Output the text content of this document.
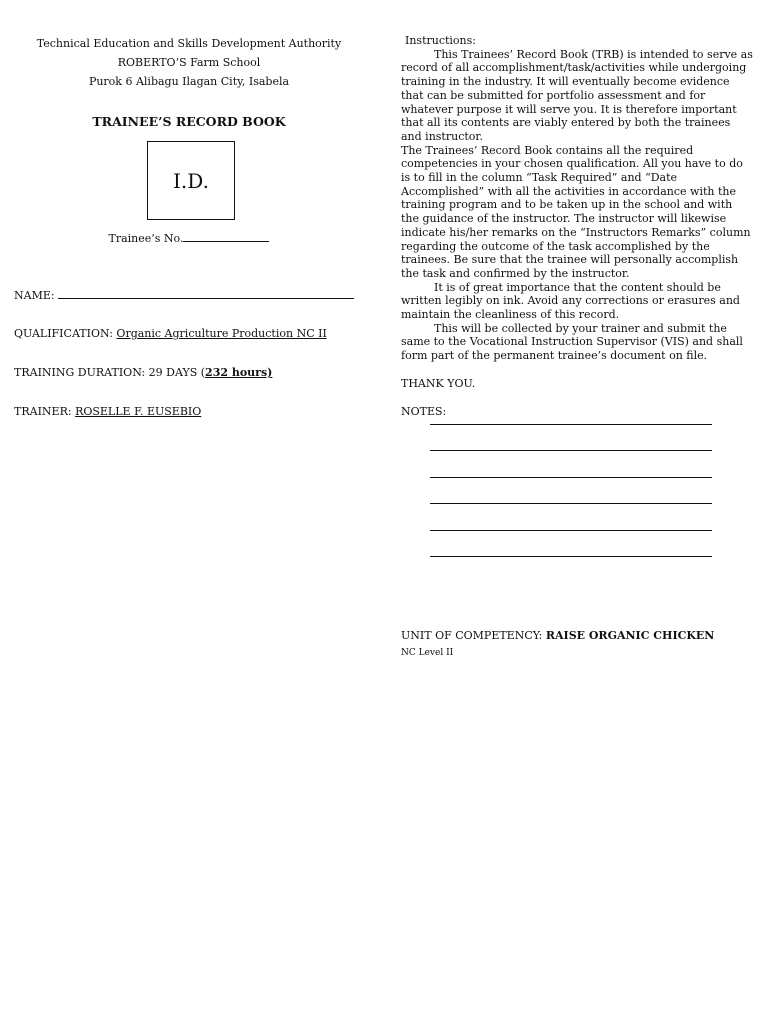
Technical Education and Skills Development Authority
ROBERTO’S Farm School
Purok 6 Alibagu Ilagan City, Isabela
TRAINEE’S RECORD BOOK
I.D.
Trainee’s No.
NAME:
QUALIFICATION: Organic Agriculture Production NC II
TRAINING DURATION: 29 DAYS (232 hours)
TRAINER: ROSELLE F. EUSEBIO

Instructions:

This Trainees’ Record Book (TRB) is intended to serve as record of all accomplishment/task/activities while undergoing training in the industry. It will eventually become evidence that can be submitted for portfolio assessment and for whatever purpose it will serve you. It is therefore important that all its contents are viably entered by both the trainees and instructor.

The Trainees’ Record Book contains all the required competencies in your chosen qualification. All you have to do is to fill in the column “Task Required” and “Date Accomplished” with all the activities in accordance with the training program and to be taken up in the school and with the guidance of the instructor. The instructor will likewise indicate his/her remarks on the “Instructors Remarks” column regarding the outcome of the task accomplished by the trainees. Be sure that the trainee will personally accomplish the task and confirmed by the instructor.

It is of great importance that the content should be written legibly on ink. Avoid any corrections or erasures and maintain the cleanliness of this record.

This will be collected by your trainer and submit the same to the Vocational Instruction Supervisor (VIS) and shall form part of the permanent trainee’s document on file.

THANK YOU.

NOTES:

UNIT OF COMPETENCY: RAISE ORGANIC CHICKEN
NC Level II
